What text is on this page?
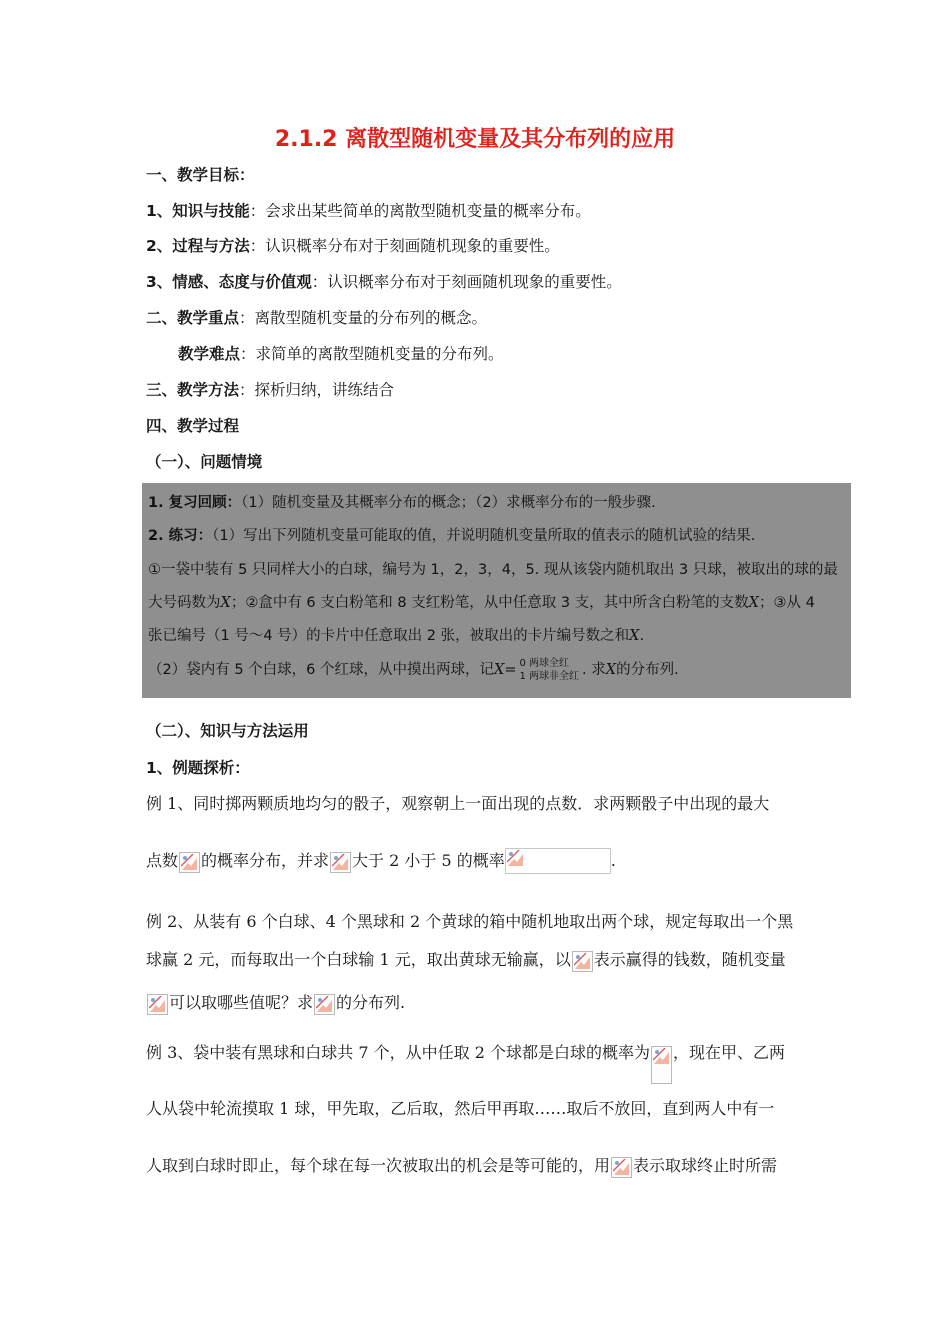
2.1.2 离散型随机变量及其分布列的应用
一、教学目标：
1、知识与技能：会求出某些简单的离散型随机变量的概率分布。
2、过程与方法：认识概率分布对于刻画随机现象的重要性。
3、情感、态度与价值观：认识概率分布对于刻画随机现象的重要性。
二、教学重点：离散型随机变量的分布列的概念。
教学难点：求简单的离散型随机变量的分布列。
三、教学方法：探析归纳，讲练结合
四、教学过程
（一）、问题情境
1. 复习回顾：（1）随机变量及其概率分布的概念；（2）求概率分布的一般步骤.
2. 练习：（1）写出下列随机变量可能取的值，并说明随机变量所取的值表示的随机试验的结果.
①一袋中装有 5 只同样大小的白球，编号为 1，2，3，4，5. 现从该袋内随机取出 3 只球，被取出的球的最
大号码数为X；②盒中有 6 支白粉笔和 8 支红粉笔，从中任意取 3 支，其中所含白粉笔的支数X；③从 4
张已编号（1 号～4 号）的卡片中任意取出 2 张，被取出的卡片编号数之和X.
（2）袋内有 5 个白球，6 个红球，从中摸出两球，记X= 0 两球全红
1 两球非全红 . 求X的分布列.
（二）、知识与方法运用
1、例题探析：
例 1、同时掷两颗质地均匀的骰子，观察朝上一面出现的点数．求两颗骰子中出现的最大
点数 的概率分布，并求 大于 2 小于 5 的概率	.
例 2、从装有 6 个白球、4 个黑球和 2 个黄球的箱中随机地取出两个球，规定每取出一个黑
球赢 2 元，而每取出一个白球输 1 元，取出黄球无输赢，以 表示赢得的钱数，随机变量
可以取哪些值呢？求 的分布列.
例 3、袋中装有黑球和白球共 7 个，从中任取 2 个球都是白球的概率为 ，现在甲、乙两
人从袋中轮流摸取 1 球，甲先取，乙后取，然后甲再取……取后不放回，直到两人中有一
人取到白球时即止，每个球在每一次被取出的机会是等可能的，用 表示取球终止时所需
